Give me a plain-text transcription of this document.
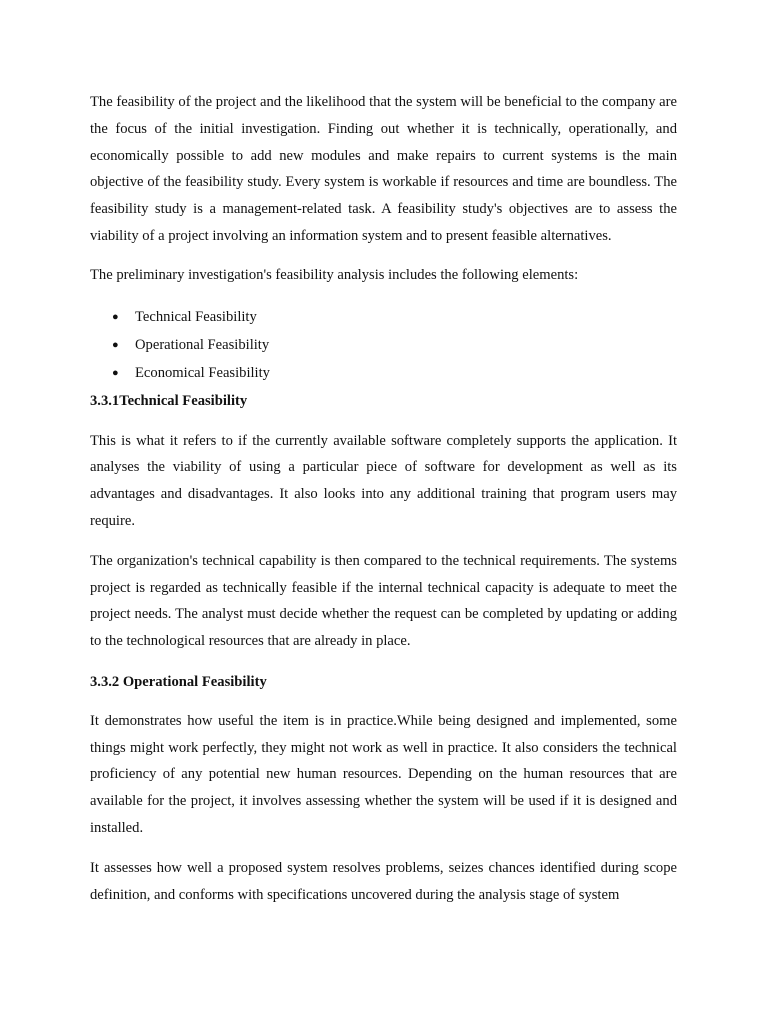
The feasibility of the project and the likelihood that the system will be beneficial to the company are the focus of the initial investigation. Finding out whether it is technically, operationally, and economically possible to add new modules and make repairs to current systems is the main objective of the feasibility study. Every system is workable if resources and time are boundless. The feasibility study is a management-related task. A feasibility study's objectives are to assess the viability of a project involving an information system and to present feasible alternatives.

The preliminary investigation's feasibility analysis includes the following elements:

● Technical Feasibility
● Operational Feasibility
● Economical Feasibility
3.3.1Technical Feasibility

This is what it refers to if the currently available software completely supports the application. It analyses the viability of using a particular piece of software for development as well as its advantages and disadvantages. It also looks into any additional training that program users may require.

The organization's technical capability is then compared to the technical requirements. The systems project is regarded as technically feasible if the internal technical capacity is adequate to meet the project needs. The analyst must decide whether the request can be completed by updating or adding to the technological resources that are already in place.

3.3.2 Operational Feasibility

It demonstrates how useful the item is in practice.While being designed and implemented, some things might work perfectly, they might not work as well in practice. It also considers the technical proficiency of any potential new human resources. Depending on the human resources that are available for the project, it involves assessing whether the system will be used if it is designed and installed.

It assesses how well a proposed system resolves problems, seizes chances identified during scope definition, and conforms with specifications uncovered during the analysis stage of system
